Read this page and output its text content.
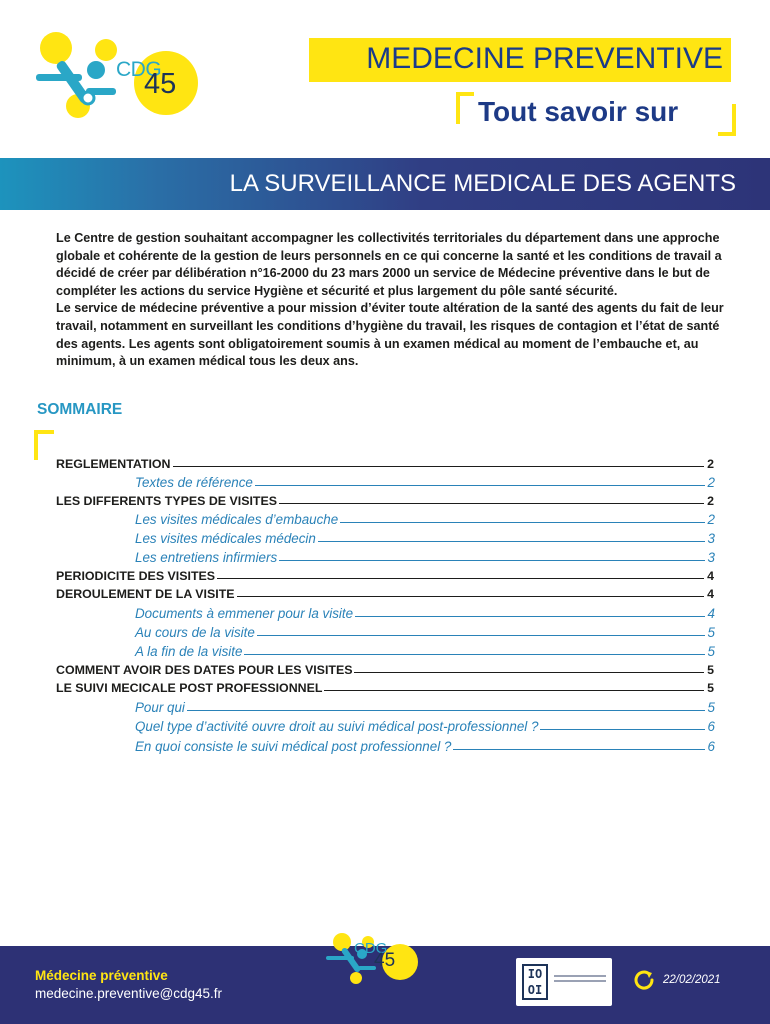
CDG
45
MEDECINE PREVENTIVE
Tout savoir sur
LA SURVEILLANCE MEDICALE DES AGENTS

Le Centre de gestion souhaitant accompagner les collectivités territoriales du département dans une approche globale et cohérente de la gestion de leurs personnels en ce qui concerne la santé et les conditions de travail a décidé de créer par délibération n°16-2000 du 23 mars 2000 un service de Médecine préventive dans le but de compléter les actions du service Hygiène et sécurité et plus largement du pôle santé sécurité.

Le service de médecine préventive a pour mission d’éviter toute altération de la santé des agents du fait de leur travail, notamment en surveillant les conditions d’hygiène du travail, les risques de contagion et l’état de santé des agents. Les agents sont obligatoirement soumis à un examen médical au moment de l’embauche et, au minimum, à un examen médical tous les deux ans.

SOMMAIRE
REGLEMENTATION	2
Textes de référence	2
LES DIFFERENTS TYPES DE VISITES	2
Les visites médicales d’embauche	2
Les visites médicales médecin	3
Les entretiens infirmiers	3
PERIODICITE DES VISITES	4
DEROULEMENT DE LA VISITE	4
Documents à emmener pour la visite	4
Au cours de la visite	5
A la fin de la visite	5
COMMENT AVOIR DES DATES POUR LES VISITES	5
LE SUIVI MECICALE POST PROFESSIONNEL	5
Pour qui	5
Quel type d’activité ouvre droit au suivi médical post-professionnel ?	6
En quoi consiste le suivi médical post professionnel ?	6
Médecine préventive
medecine.preventive@cdg45.fr
CDG
45
IO
OI
22/02/2021
